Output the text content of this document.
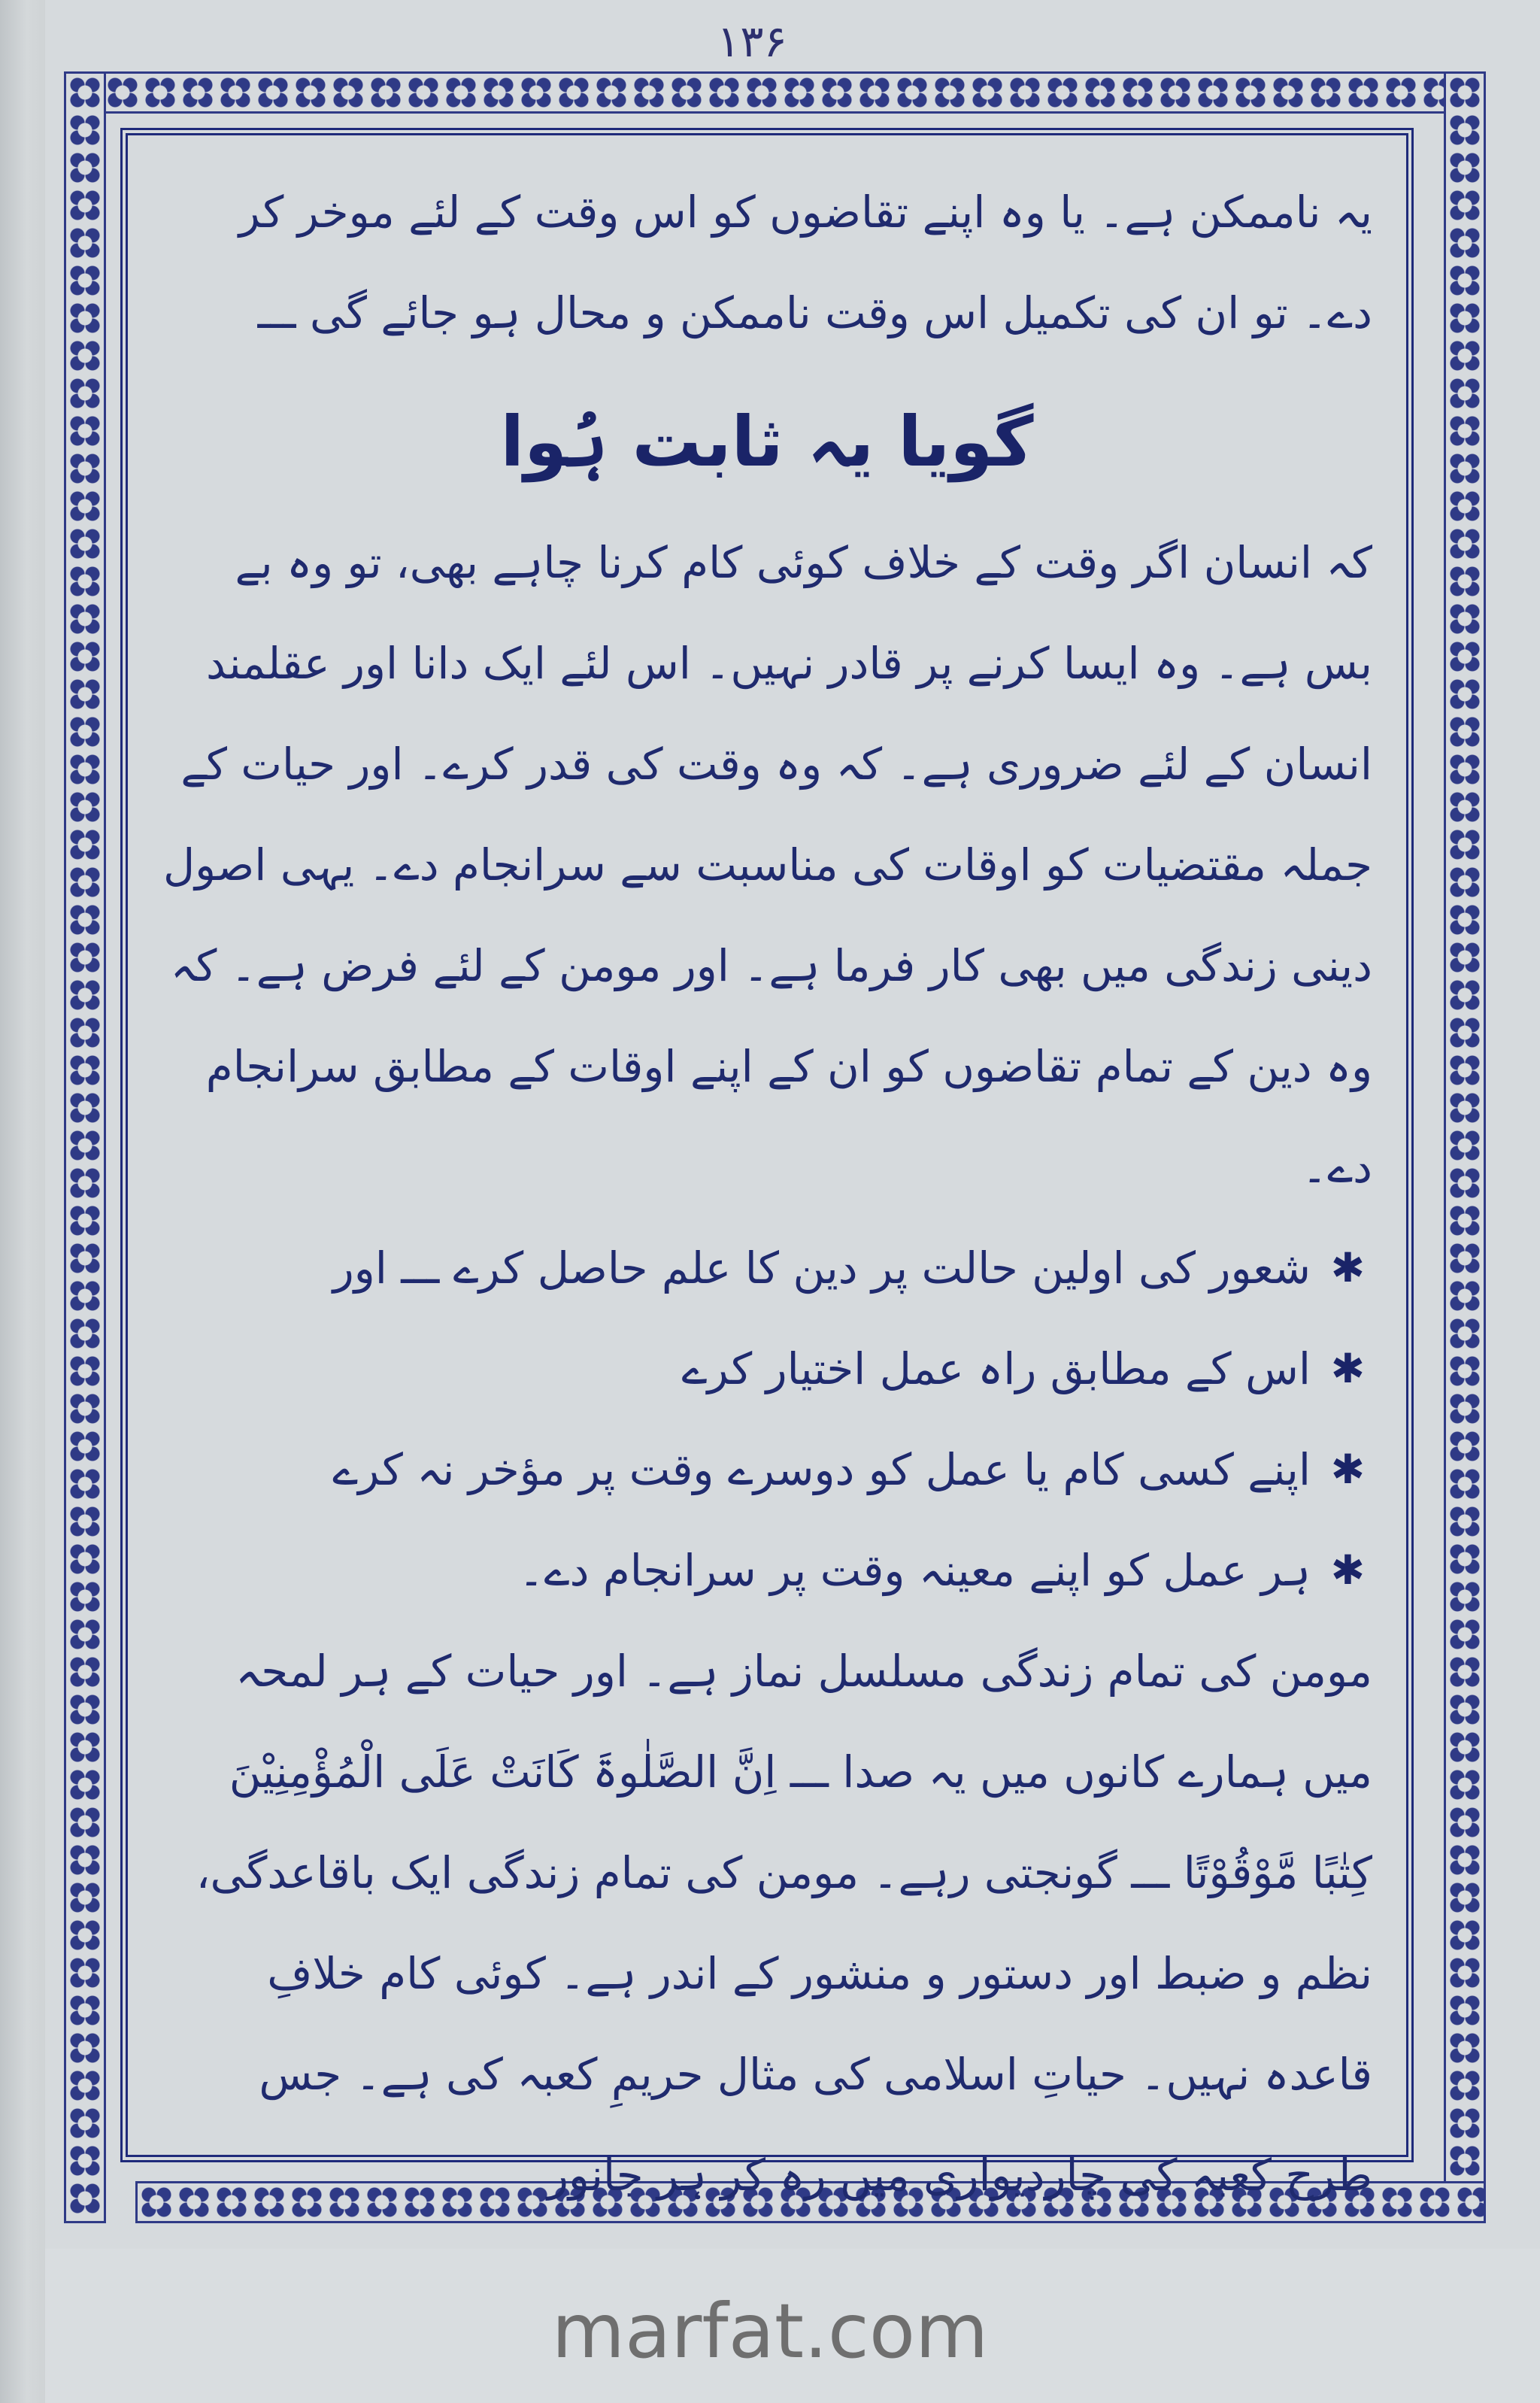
۱۳۶

یہ ناممکن ہے۔ یا وہ اپنے تقاضوں کو اس وقت کے لئے موخر کر دے۔ تو ان کی تکمیل اس وقت ناممکن و محال ہو جائے گی ـــ

گویا یہ ثابت ہُوا

کہ انسان اگر وقت کے خلاف کوئی کام کرنا چاہے بھی، تو وہ بے بس ہے۔ وہ ایسا کرنے پر قادر نہیں۔ اس لئے ایک دانا اور عقلمند انسان کے لئے ضروری ہے۔ کہ وہ وقت کی قدر کرے۔ اور حیات کے جملہ مقتضیات کو اوقات کی مناسبت سے سرانجام دے۔ یہی اصول دینی زندگی میں بھی کار فرما ہے۔ اور مومن کے لئے فرض ہے۔ کہ وہ دین کے تمام تقاضوں کو ان کے اپنے اوقات کے مطابق سرانجام دے۔

✱
شعور کی اولین حالت پر دین کا علم حاصل کرے ـــ اور
✱
اس کے مطابق راہ عمل اختیار کرے
✱
اپنے کسی کام یا عمل کو دوسرے وقت پر مؤخر نہ کرے
✱
ہر عمل کو اپنے معینہ وقت پر سرانجام دے۔

مومن کی تمام زندگی مسلسل نماز ہے۔ اور حیات کے ہر لمحہ میں ہمارے کانوں میں یہ صدا ـــ اِنَّ الصَّلٰوۃَ کَانَتْ عَلَی الْمُؤْمِنِیْنَ کِتٰبًا مَّوْقُوْتًا ـــ گونجتی رہے۔ مومن کی تمام زندگی ایک باقاعدگی، نظم و ضبط اور دستور و منشور کے اندر ہے۔ کوئی کام خلافِ قاعدہ نہیں۔ حیاتِ اسلامی کی مثال حریمِ کعبہ کی ہے۔ جس طرح کعبہ کی چاردیواری میں رہ کر ہر جانور

marfat.com
